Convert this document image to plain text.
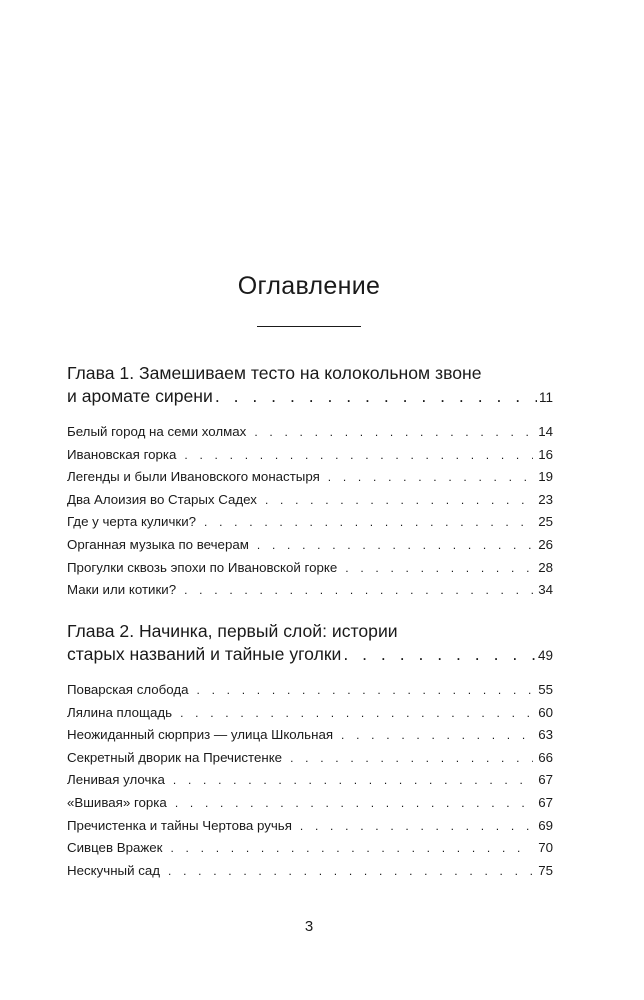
Оглавление
Глава 1. Замешиваем тесто на колокольном звоне
и аромате сирени . . .	11
Белый город на семи холмах . . .	14
Ивановская горка . . .	16
Легенды и были Ивановского монастыря . . .	19
Два Алоизия во Старых Садех . . .	23
Где у черта кулички? . . .	25
Органная музыка по вечерам . . .	26
Прогулки сквозь эпохи по Ивановской горке . . .	28
Маки или котики? . . .	34
Глава 2. Начинка, первый слой: истории
старых названий и тайные уголки . . .	49
Поварская слобода . . .	55
Лялина площадь . . .	60
Неожиданный сюрприз — улица Школьная . . .	63
Секретный дворик на Пречистенке . . .	66
Ленивая улочка . . .	67
«Вшивая» горка . . .	67
Пречистенка и тайны Чертова ручья . . .	69
Сивцев Вражек . . .	70
Нескучный сад . . .	75
3
